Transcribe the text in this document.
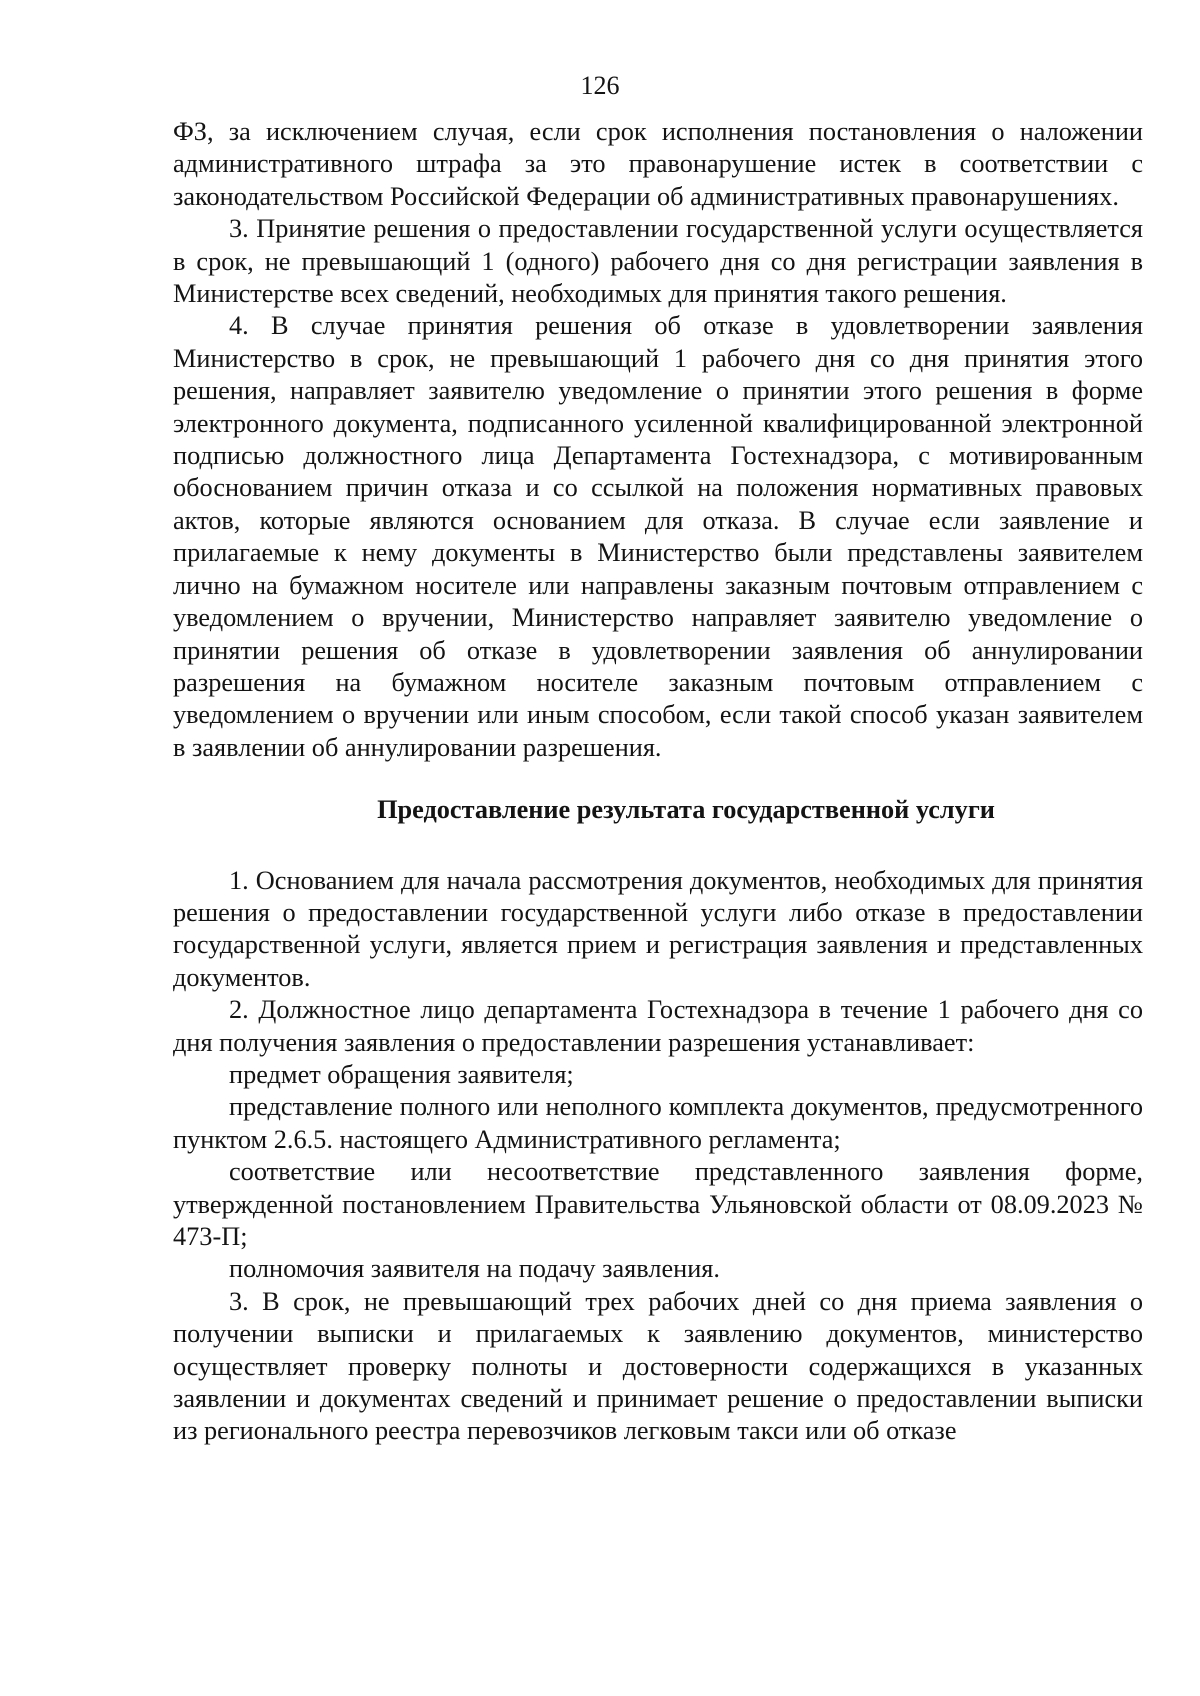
126

ФЗ, за исключением случая, если срок исполнения постановления о наложении административного штрафа за это правонарушение истек в соответствии с законодательством Российской Федерации об административных правонарушениях.

3. Принятие решения о предоставлении государственной услуги осуществляется в срок, не превышающий 1 (одного) рабочего дня со дня регистрации заявления в Министерстве всех сведений, необходимых для принятия такого решения.

4. В случае принятия решения об отказе в удовлетворении заявления Министерство в срок, не превышающий 1 рабочего дня со дня принятия этого решения, направляет заявителю уведомление о принятии этого решения в форме электронного документа, подписанного усиленной квалифицированной электронной подписью должностного лица Департамента Гостехнадзора, с мотивированным обоснованием причин отказа и со ссылкой на положения нормативных правовых актов, которые являются основанием для отказа. В случае если заявление и прилагаемые к нему документы в Министерство были представлены заявителем лично на бумажном носителе или направлены заказным почтовым отправлением с уведомлением о вручении, Министерство направляет заявителю уведомление о принятии решения об отказе в удовлетворении заявления об аннулировании разрешения на бумажном носителе заказным почтовым отправлением с уведомлением о вручении или иным способом, если такой способ указан заявителем в заявлении об аннулировании разрешения.

Предоставление результата государственной услуги

1. Основанием для начала рассмотрения документов, необходимых для принятия решения о предоставлении государственной услуги либо отказе в предоставлении государственной услуги, является прием и регистрация заявления и представленных документов.

2. Должностное лицо департамента Гостехнадзора в течение 1 рабочего дня со дня получения заявления о предоставлении разрешения устанавливает:

предмет обращения заявителя;

представление полного или неполного комплекта документов, предусмотренного пунктом 2.6.5. настоящего Административного регламента;

соответствие или несоответствие представленного заявления форме, утвержденной постановлением Правительства Ульяновской области от 08.09.2023 № 473-П;

полномочия заявителя на подачу заявления.

3. В срок, не превышающий трех рабочих дней со дня приема заявления о получении выписки и прилагаемых к заявлению документов, министерство осуществляет проверку полноты и достоверности содержащихся в указанных заявлении и документах сведений и принимает решение о предоставлении выписки из регионального реестра перевозчиков легковым такси или об отказе
